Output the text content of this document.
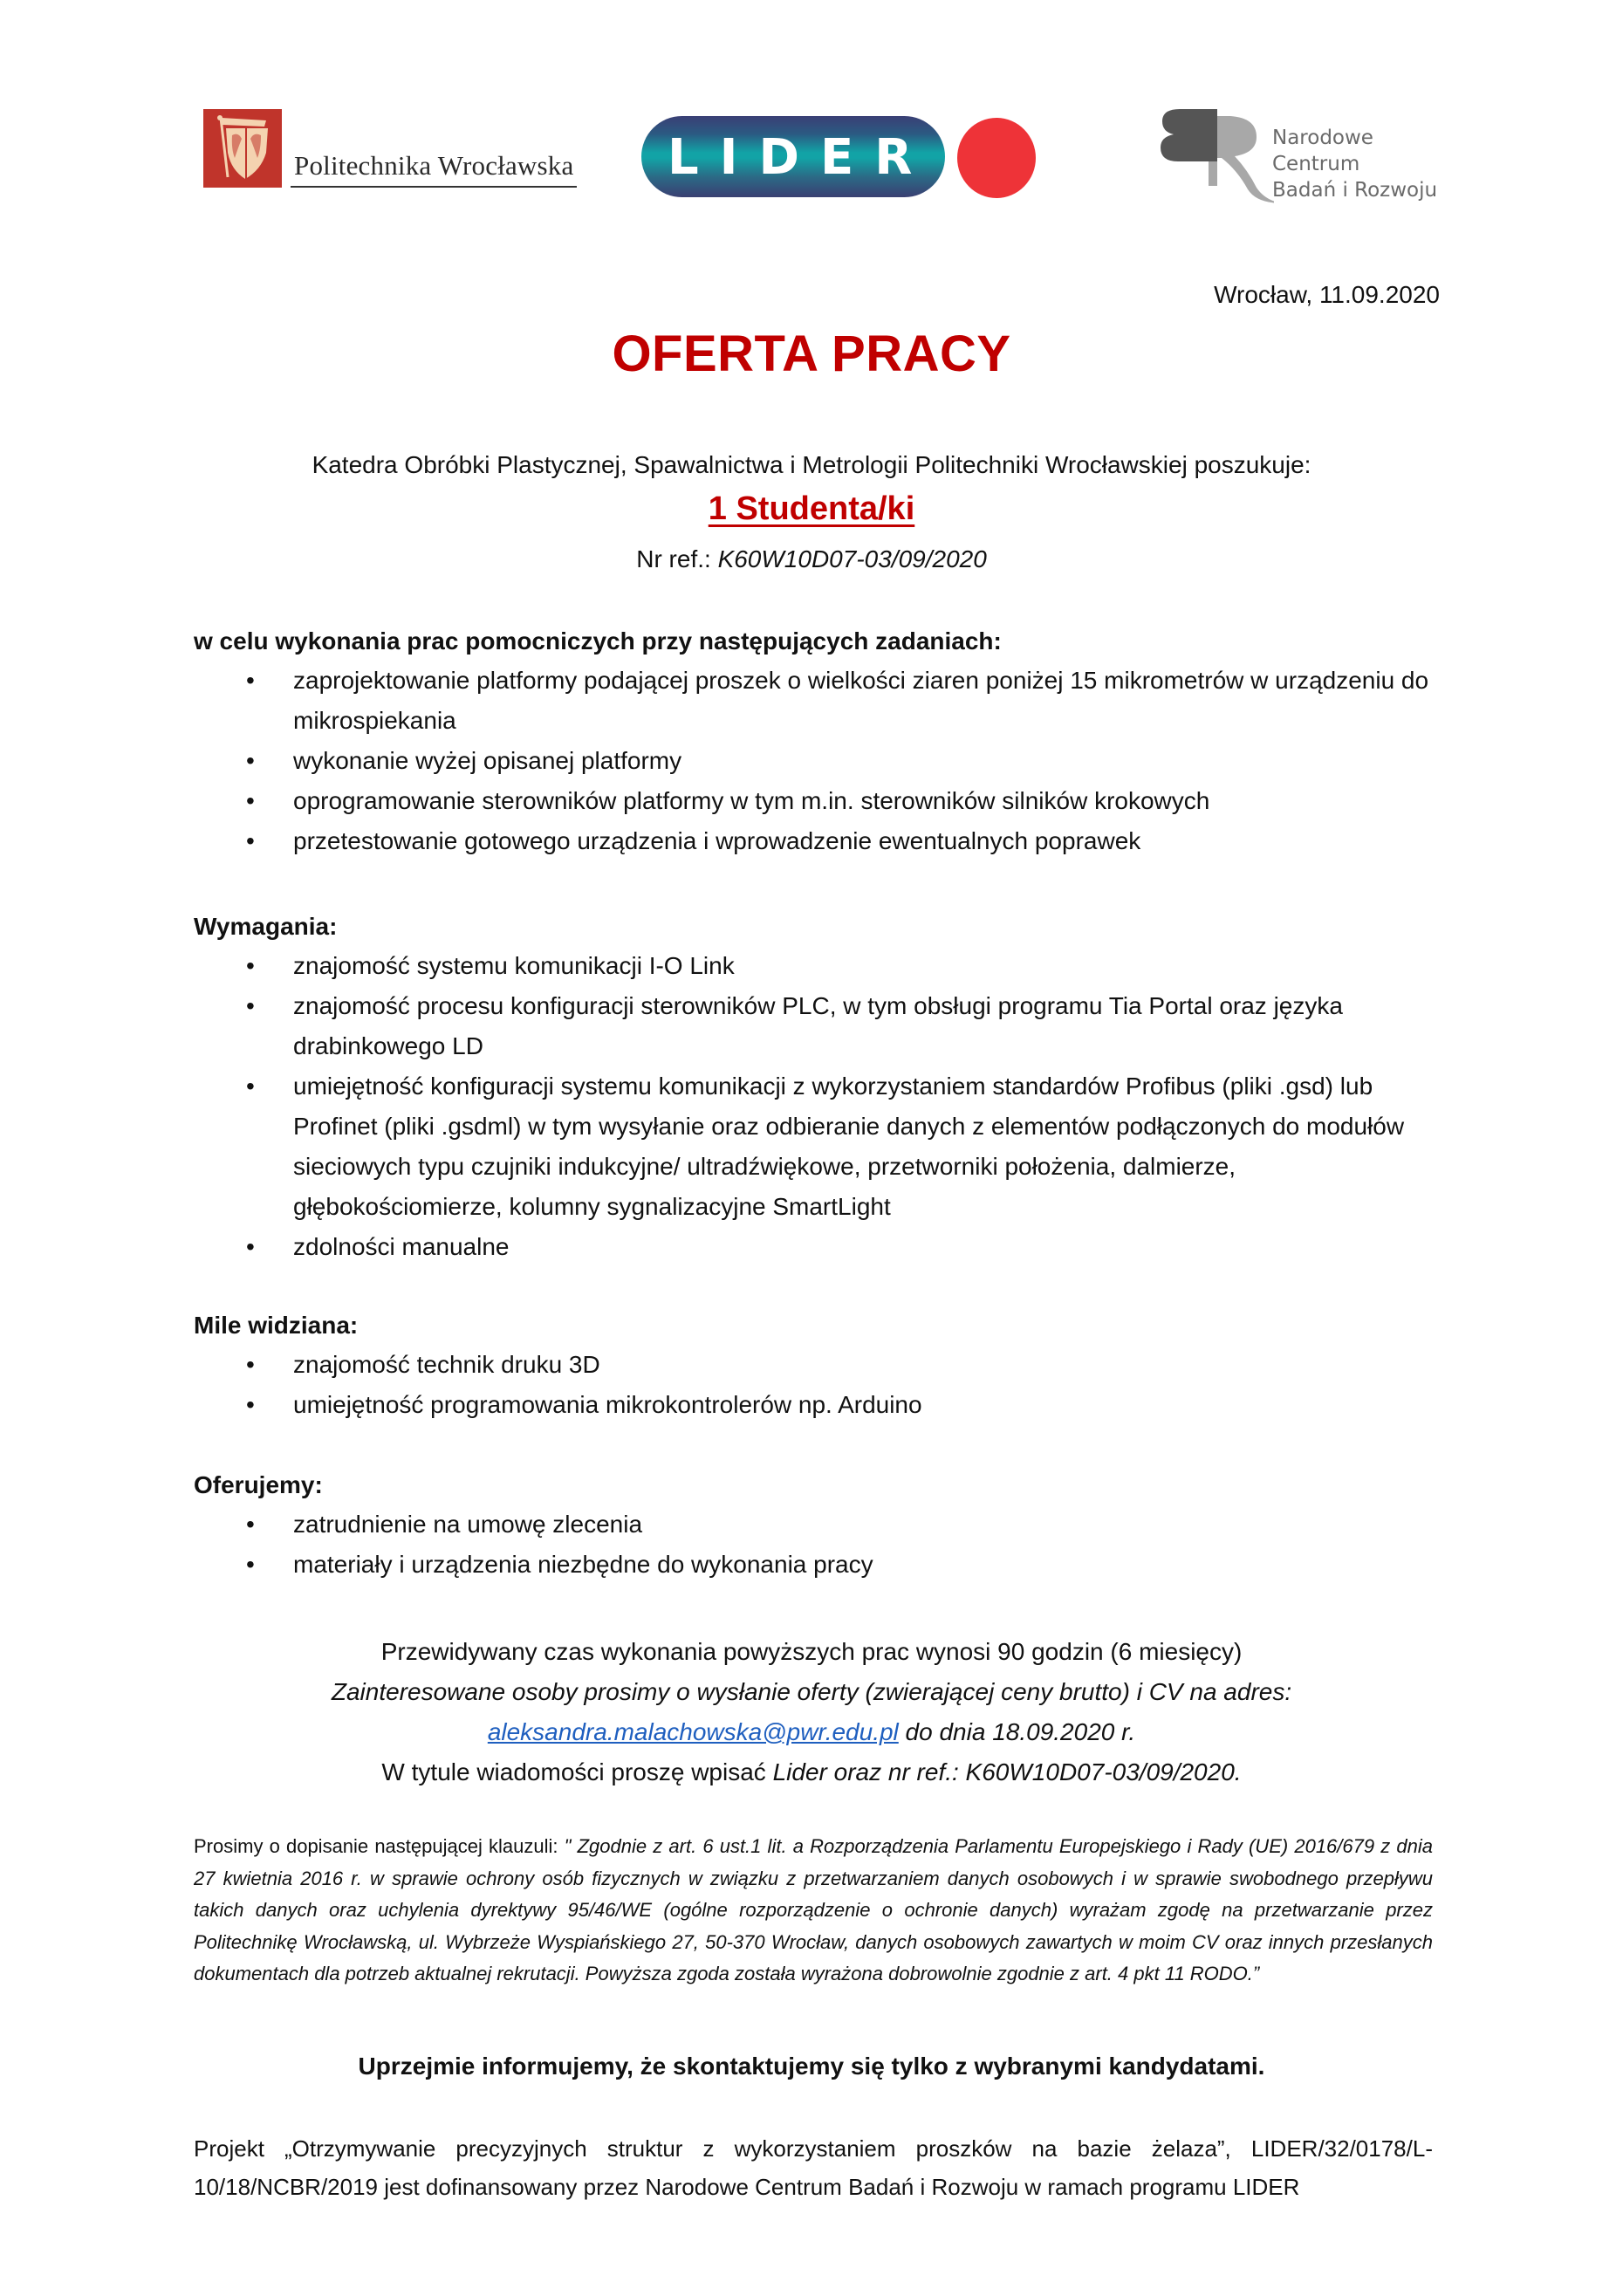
Politechnika Wrocławska LIDER	Narodowe Centrum
Badań i Rozwoju
Wrocław, 11.09.2020
OFERTA PRACY
Katedra Obróbki Plastycznej, Spawalnictwa i Metrologii Politechniki Wrocławskiej poszukuje:
1 Studenta/ki
Nr ref.: K60W10D07-03/09/2020
w celu wykonania prac pomocniczych przy następujących zadaniach:
• zaprojektowanie platformy podającej proszek o wielkości ziaren poniżej 15 mikrometrów w urządzeniu do mikrospiekania
• wykonanie wyżej opisanej platformy
• oprogramowanie sterowników platformy w tym m.in. sterowników silników krokowych
• przetestowanie gotowego urządzenia i wprowadzenie ewentualnych poprawek
Wymagania:
• znajomość systemu komunikacji I-O Link
• znajomość procesu konfiguracji sterowników PLC, w tym obsługi programu Tia Portal oraz języka drabinkowego LD
• umiejętność konfiguracji systemu komunikacji z wykorzystaniem standardów Profibus (pliki .gsd) lub Profinet (pliki .gsdml) w tym wysyłanie oraz odbieranie danych z elementów podłączonych do modułów sieciowych typu czujniki indukcyjne/ ultradźwiękowe, przetworniki położenia, dalmierze, głębokościomierze, kolumny sygnalizacyjne SmartLight
• zdolności manualne
Mile widziana:
• znajomość technik druku 3D
• umiejętność programowania mikrokontrolerów np. Arduino
Oferujemy:
• zatrudnienie na umowę zlecenia
• materiały i urządzenia niezbędne do wykonania pracy
Przewidywany czas wykonania powyższych prac wynosi 90 godzin (6 miesięcy)
Zainteresowane osoby prosimy o wysłanie oferty (zwierającej ceny brutto) i CV na adres:
aleksandra.malachowska@pwr.edu.pl do dnia 18.09.2020 r.
W tytule wiadomości proszę wpisać Lider oraz nr ref.: K60W10D07-03/09/2020.
Prosimy o dopisanie następującej klauzuli: " Zgodnie z art. 6 ust.1 lit. a Rozporządzenia Parlamentu Europejskiego i Rady (UE) 2016/679 z dnia 27 kwietnia 2016 r. w sprawie ochrony osób fizycznych w związku z przetwarzaniem danych osobowych i w sprawie swobodnego przepływu takich danych oraz uchylenia dyrektywy 95/46/WE (ogólne rozporządzenie o ochronie danych) wyrażam zgodę na przetwarzanie przez Politechnikę Wrocławską, ul. Wybrzeże Wyspiańskiego 27, 50-370 Wrocław, danych osobowych zawartych w moim CV oraz innych przesłanych dokumentach dla potrzeb aktualnej rekrutacji. Powyższa zgoda została wyrażona dobrowolnie zgodnie z art. 4 pkt 11 RODO.”
Uprzejmie informujemy, że skontaktujemy się tylko z wybranymi kandydatami.
Projekt „Otrzymywanie precyzyjnych struktur z wykorzystaniem proszków na bazie żelaza”, LIDER/32/0178/L-10/18/NCBR/2019 jest dofinansowany przez Narodowe Centrum Badań i Rozwoju w ramach programu LIDER
